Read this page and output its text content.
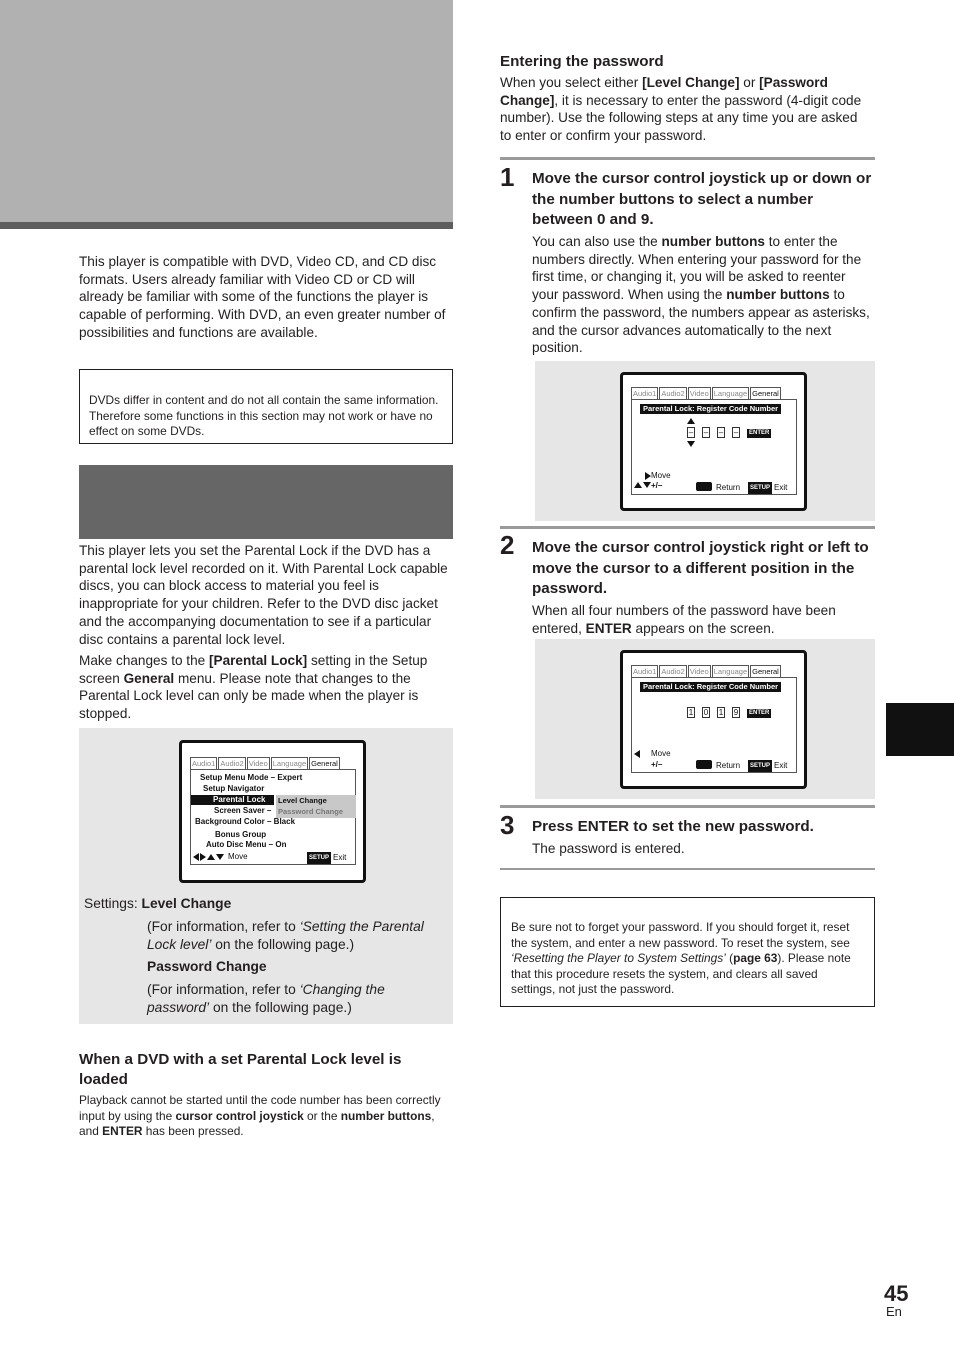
This player is compatible with DVD, Video CD, and CD disc formats. Users already familiar with Video CD or CD will already be familiar with some of the functions the player is capable of performing. With DVD, an even greater number of possibilities and functions are available.

DVDs differ in content and do not all contain the same information. Therefore some functions in this section may not work or have no effect on some DVDs.

This player lets you set the Parental Lock if the DVD has a parental lock level recorded on it. With Parental Lock capable discs, you can block access to material you feel is inappropriate for your children. Refer to the DVD disc jacket and the accompanying documentation to see if a particular disc contains a parental lock level.

Make changes to the [Parental Lock] setting in the Setup screen General menu. Please note that changes to the Parental Lock level can only be made when the player is stopped.

Audio1 Audio2 Video Language General
Setup Menu Mode – Expert
Setup Navigator
Parental Lock
Screen Saver –
Level Change
Password Change
Background Color – Black
Bonus Group
Auto Disc Menu – On
Move	SETUP Exit
Settings: Level Change
(For information, refer to ‘Setting the Parental Lock level’ on the following page.)
Password Change
(For information, refer to ‘Changing the password’ on the following page.)
When a DVD with a set Parental Lock level is loaded

Playback cannot be started until the code number has been correctly input by using the cursor control joystick or the number buttons, and ENTER has been pressed.

Entering the password

When you select either [Level Change] or [Password Change], it is necessary to enter the password (4-digit code number). Use the following steps at any time you are asked to enter or confirm your password.

1 Move the cursor control joystick up or down or the number buttons to select a number between 0 and 9.

You can also use the number buttons to enter the numbers directly. When entering your password for the first time, or changing it, you will be asked to reenter your password. When using the number buttons to confirm the password, the numbers appear as asterisks, and the cursor advances automatically to the next position.

Audio1 Audio2 Video Language General
Parental Lock: Register Code Number
– – – –	ENTER
Move
+/–	Return	SETUP Exit
2 Move the cursor control joystick right or left to move the cursor to a different position in the password.

When all four numbers of the password have been entered, ENTER appears on the screen.

Audio1 Audio2 Video Language General
Parental Lock: Register Code Number
1 0 1 9	ENTER
Move
+/–	Return	SETUP Exit
3 Press ENTER to set the new password.

The password is entered.

Be sure not to forget your password. If you should forget it, reset the system, and enter a new password. To reset the system, see ‘Resetting the Player to System Settings’ (page 63). Please note that this procedure resets the system, and clears all saved settings, not just the password.
45
En
